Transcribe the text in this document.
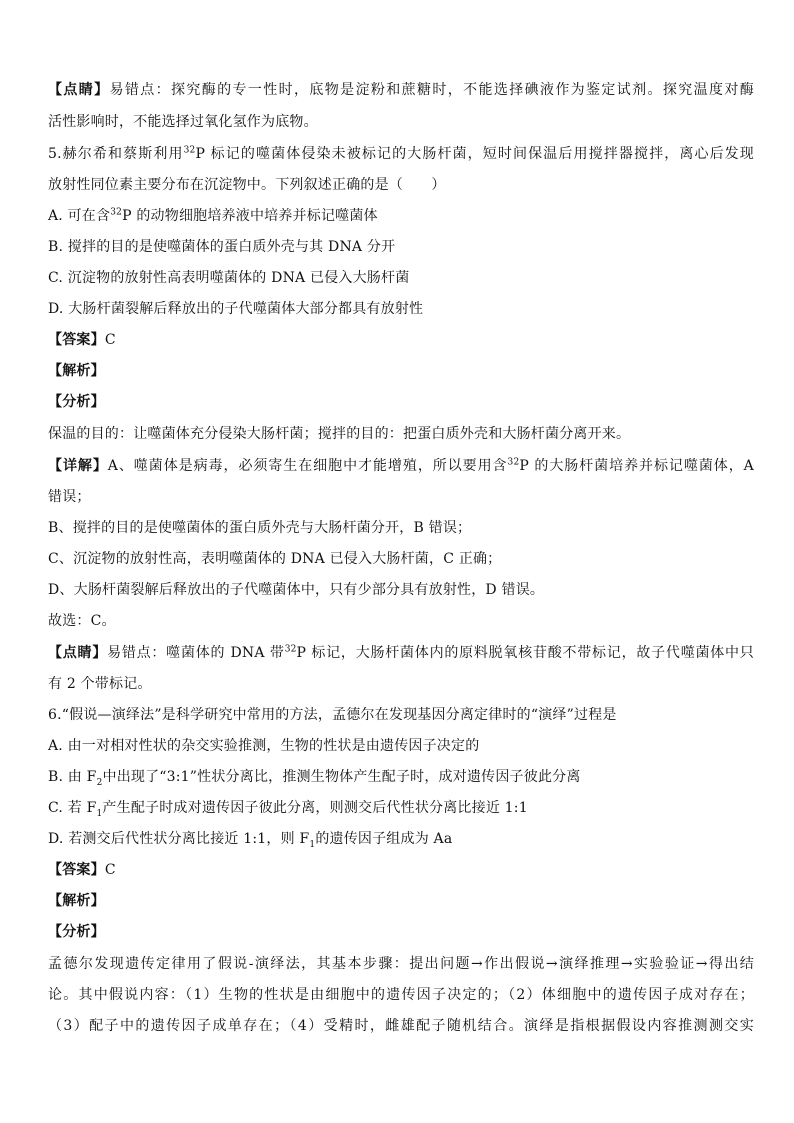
【点睛】易错点：探究酶的专一性时，底物是淀粉和蔗糖时，不能选择碘液作为鉴定试剂。探究温度对酶
活性影响时，不能选择过氧化氢作为底物。
5.赫尔希和蔡斯利用$^{32}$P 标记的噬菌体侵染未被标记的大肠杆菌，短时间保温后用搅拌器搅拌，离心后发现
放射性同位素主要分布在沉淀物中。下列叙述正确的是（　　）
A. 可在含$^{32}$P 的动物细胞培养液中培养并标记噬菌体
B. 搅拌的目的是使噬菌体的蛋白质外壳与其 DNA 分开
C. 沉淀物的放射性高表明噬菌体的 DNA 已侵入大肠杆菌
D. 大肠杆菌裂解后释放出的子代噬菌体大部分都具有放射性
【答案】C
【解析】
【分析】
保温的目的：让噬菌体充分侵染大肠杆菌；搅拌的目的：把蛋白质外壳和大肠杆菌分离开来。
【详解】A、噬菌体是病毒，必须寄生在细胞中才能增殖，所以要用含$^{32}$P 的大肠杆菌培养并标记噬菌体，A
错误；
B、搅拌的目的是使噬菌体的蛋白质外壳与大肠杆菌分开，B 错误；
C、沉淀物的放射性高，表明噬菌体的 DNA 已侵入大肠杆菌，C 正确；
D、大肠杆菌裂解后释放出的子代噬菌体中，只有少部分具有放射性，D 错误。
故选：C。
【点睛】易错点：噬菌体的 DNA 带$^{32}$P 标记，大肠杆菌体内的原料脱氧核苷酸不带标记，故子代噬菌体中只
有 2 个带标记。
6.“假说—演绎法”是科学研究中常用的方法，孟德尔在发现基因分离定律时的“演绎”过程是
A. 由一对相对性状的杂交实验推测，生物的性状是由遗传因子决定的
B. 由 $F_2$中出现了“3:1”性状分离比，推测生物体产生配子时，成对遗传因子彼此分离
C. 若 $F_1$产生配子时成对遗传因子彼此分离，则测交后代性状分离比接近 1:1
D. 若测交后代性状分离比接近 1:1，则 $F_1$的遗传因子组成为 Aa
【答案】C
【解析】
【分析】
孟德尔发现遗传定律用了假说-演绎法，其基本步骤：提出问题→作出假说→演绎推理→实验验证→得出结
论。其中假说内容：（1）生物的性状是由细胞中的遗传因子决定的；（2）体细胞中的遗传因子成对存在；
（3）配子中的遗传因子成单存在；（4）受精时，雌雄配子随机结合。演绎是指根据假设内容推测测交实
